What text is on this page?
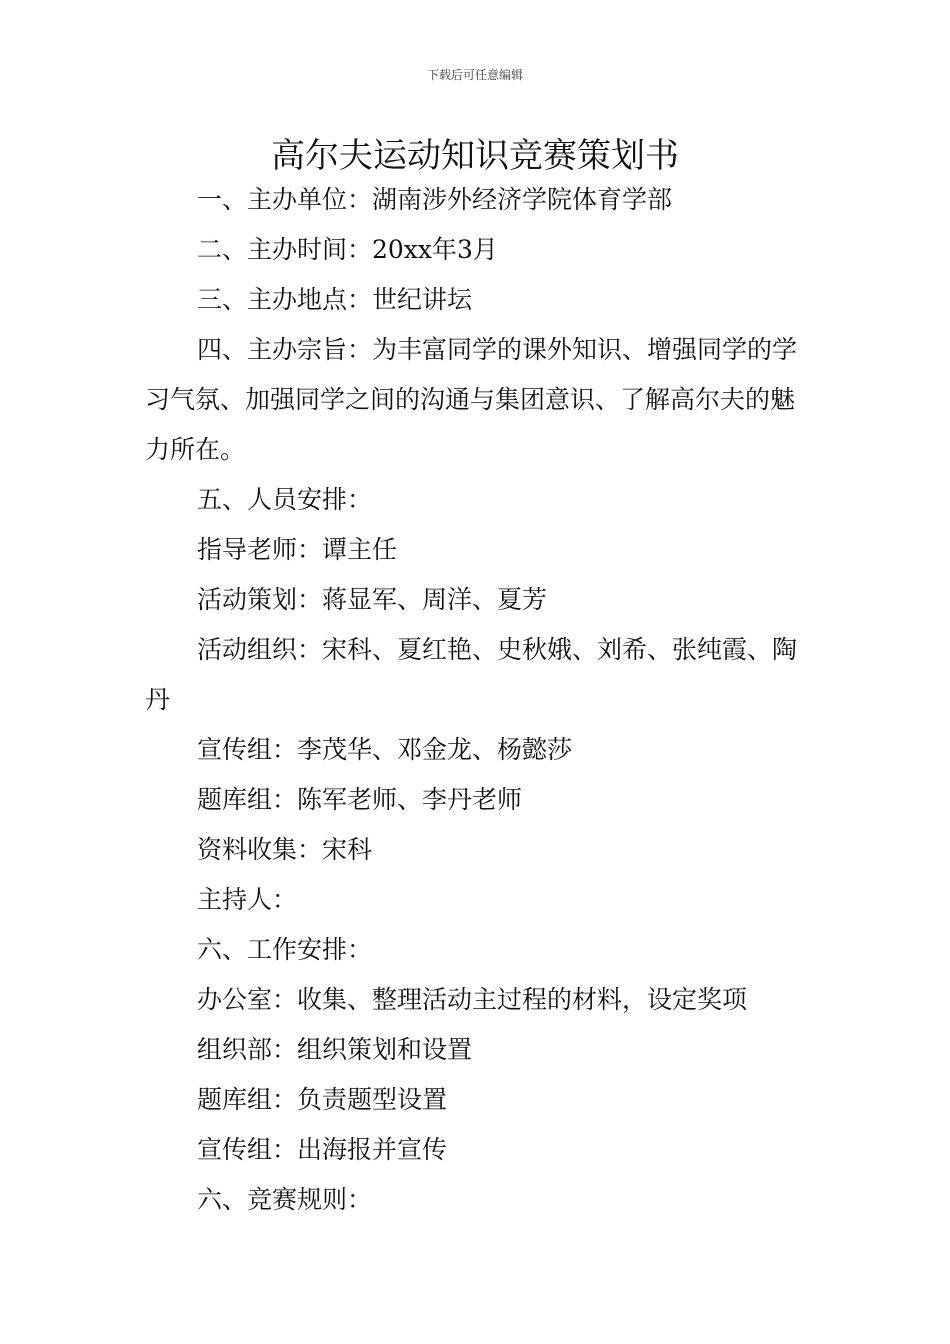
下载后可任意编辑
高尔夫运动知识竞赛策划书

一、主办单位：湖南涉外经济学院体育学部

二、主办时间：20xx年3月

三、主办地点：世纪讲坛

四、主办宗旨：为丰富同学的课外知识、增强同学的学习气氛、加强同学之间的沟通与集团意识、了解高尔夫的魅力所在。

五、人员安排：

指导老师：谭主任

活动策划：蒋显军、周洋、夏芳

活动组织：宋科、夏红艳、史秋娥、刘希、张纯霞、陶丹

宣传组：李茂华、邓金龙、杨懿莎

题库组：陈军老师、李丹老师

资料收集：宋科

主持人：

六、工作安排：

办公室：收集、整理活动主过程的材料，设定奖项

组织部：组织策划和设置

题库组：负责题型设置

宣传组：出海报并宣传

六、竞赛规则：
